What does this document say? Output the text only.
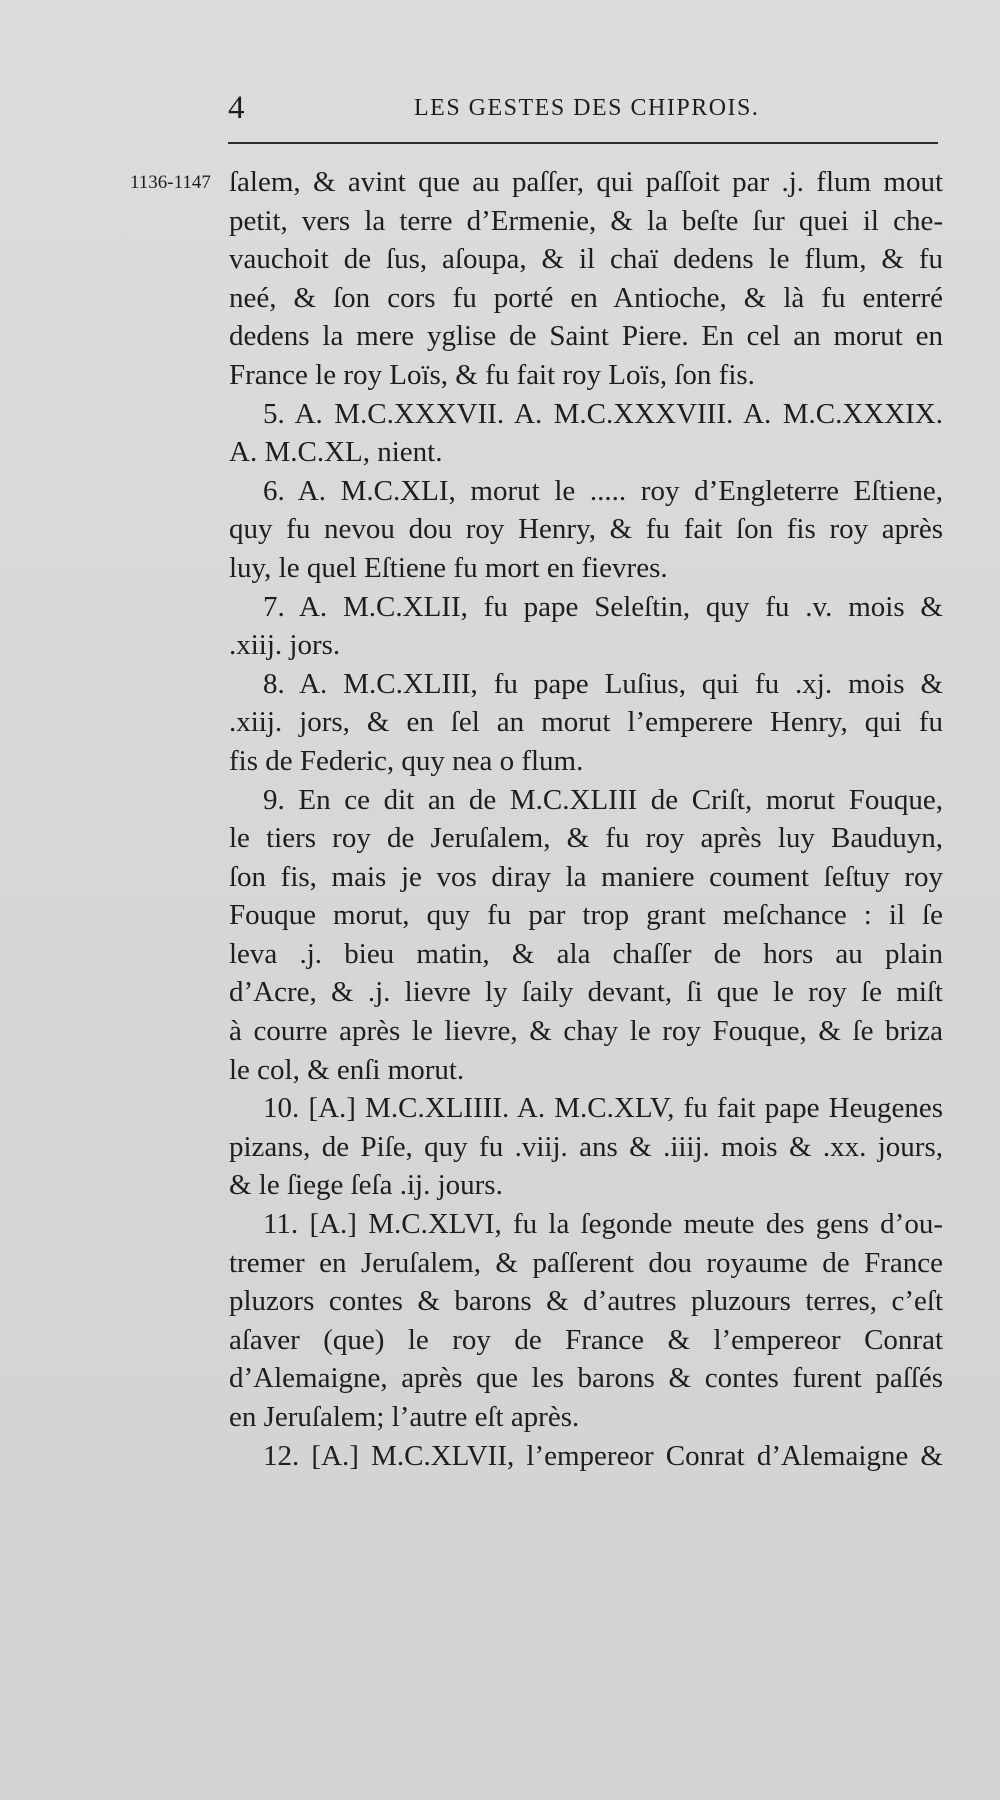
4	LES GESTES DES CHIPROIS.
1136-1147 ſalem, & avint que au paſſer, qui paſſoit par .j. flum mout
petit, vers la terre d’Ermenie, & la beſte ſur quei il che-
vauchoit de ſus, aſoupa, & il chaï dedens le flum, & fu
neé, & ſon cors fu porté en Antioche, & là fu enterré
dedens la mere yglise de Saint Piere. En cel an morut en
France le roy Loïs, & fu fait roy Loïs, ſon fis.
5. A. M.C.XXXVII. A. M.C.XXXVIII. A. M.C.XXXIX.
A. M.C.XL, nient.
6. A. M.C.XLI, morut le ..... roy d’Engleterre Eſtiene,
quy fu nevou dou roy Henry, & fu fait ſon fis roy après
luy, le quel Eſtiene fu mort en fievres.
7. A. M.C.XLII, fu pape Seleſtin, quy fu .v. mois &
.xiij. jors.
8. A. M.C.XLIII, fu pape Luſius, qui fu .xj. mois &
.xiij. jors, & en ſel an morut l’emperere Henry, qui fu
fis de Federic, quy nea o flum.
9. En ce dit an de M.C.XLIII de Criſt, morut Fouque,
le tiers roy de Jeruſalem, & fu roy après luy Bauduyn,
ſon fis, mais je vos diray la maniere coument ſeſtuy roy
Fouque morut, quy fu par trop grant meſchance : il ſe
leva .j. bieu matin, & ala chaſſer de hors au plain
d’Acre, & .j. lievre ly ſaily devant, ſi que le roy ſe miſt
à courre après le lievre, & chay le roy Fouque, & ſe briza
le col, & enſi morut.
10. [A.] M.C.XLIIII. A. M.C.XLV, fu fait pape Heugenes
pizans, de Piſe, quy fu .viij. ans & .iiij. mois & .xx. jours,
& le ſiege ſeſa .ij. jours.
11. [A.] M.C.XLVI, fu la ſegonde meute des gens d’ou-
tremer en Jeruſalem, & paſſerent dou royaume de France
pluzors contes & barons & d’autres pluzours terres, c’eſt
aſaver (que) le roy de France & l’empereor Conrat
d’Alemaigne, après que les barons & contes furent paſſés
en Jeruſalem; l’autre eſt après.
12. [A.] M.C.XLVII, l’empereor Conrat d’Alemaigne &
